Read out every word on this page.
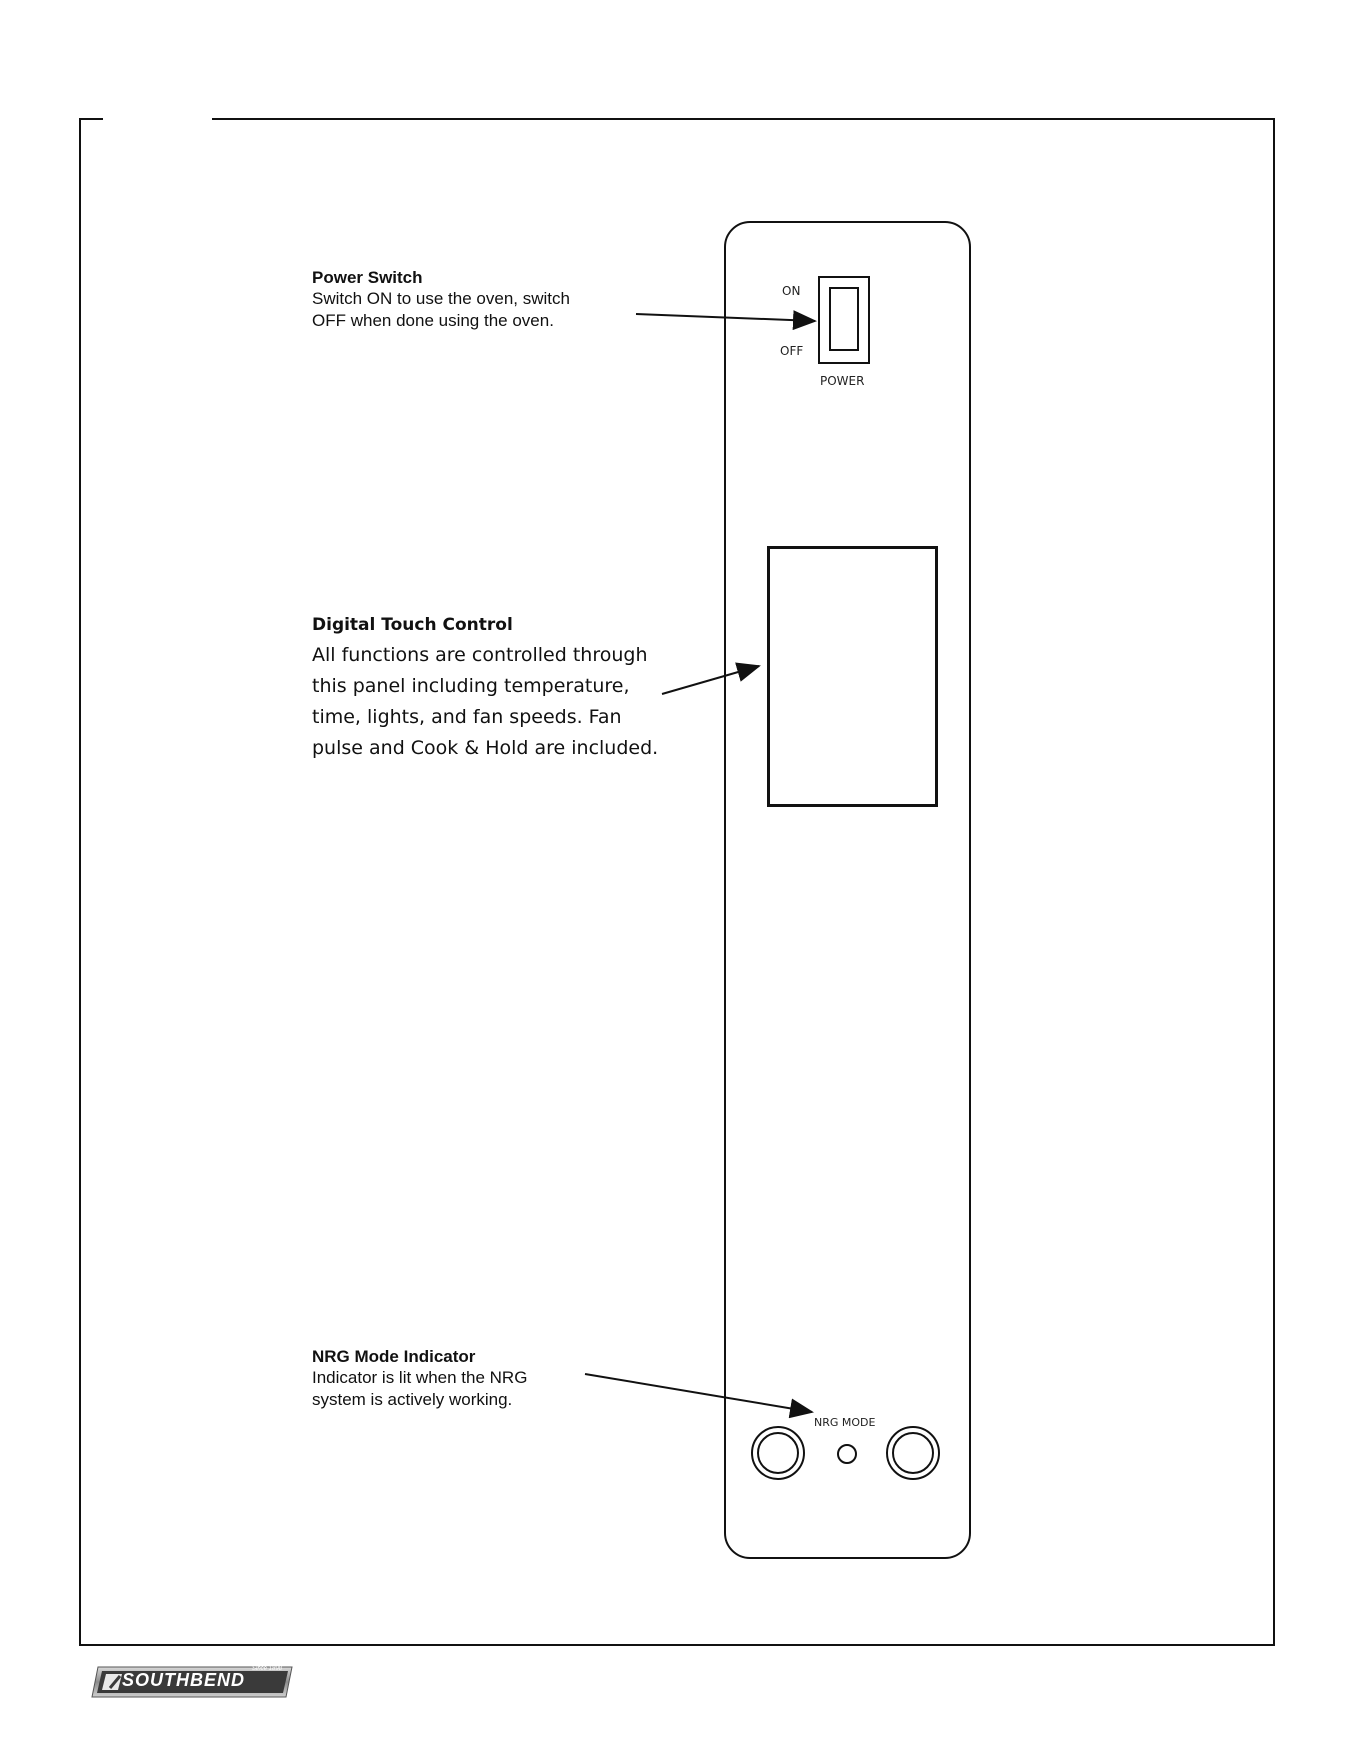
Power Switch
Switch ON to use the oven, switch
OFF when done using the oven.
Digital Touch Control
All functions are controlled through
this panel including temperature,
time, lights, and fan speeds. Fan
pulse and Cook & Hold are included.
NRG Mode Indicator
Indicator is lit when the NRG
system is actively working.
ON
OFF
POWER
NRG MODE
SOUTHBEND
Since 1898
